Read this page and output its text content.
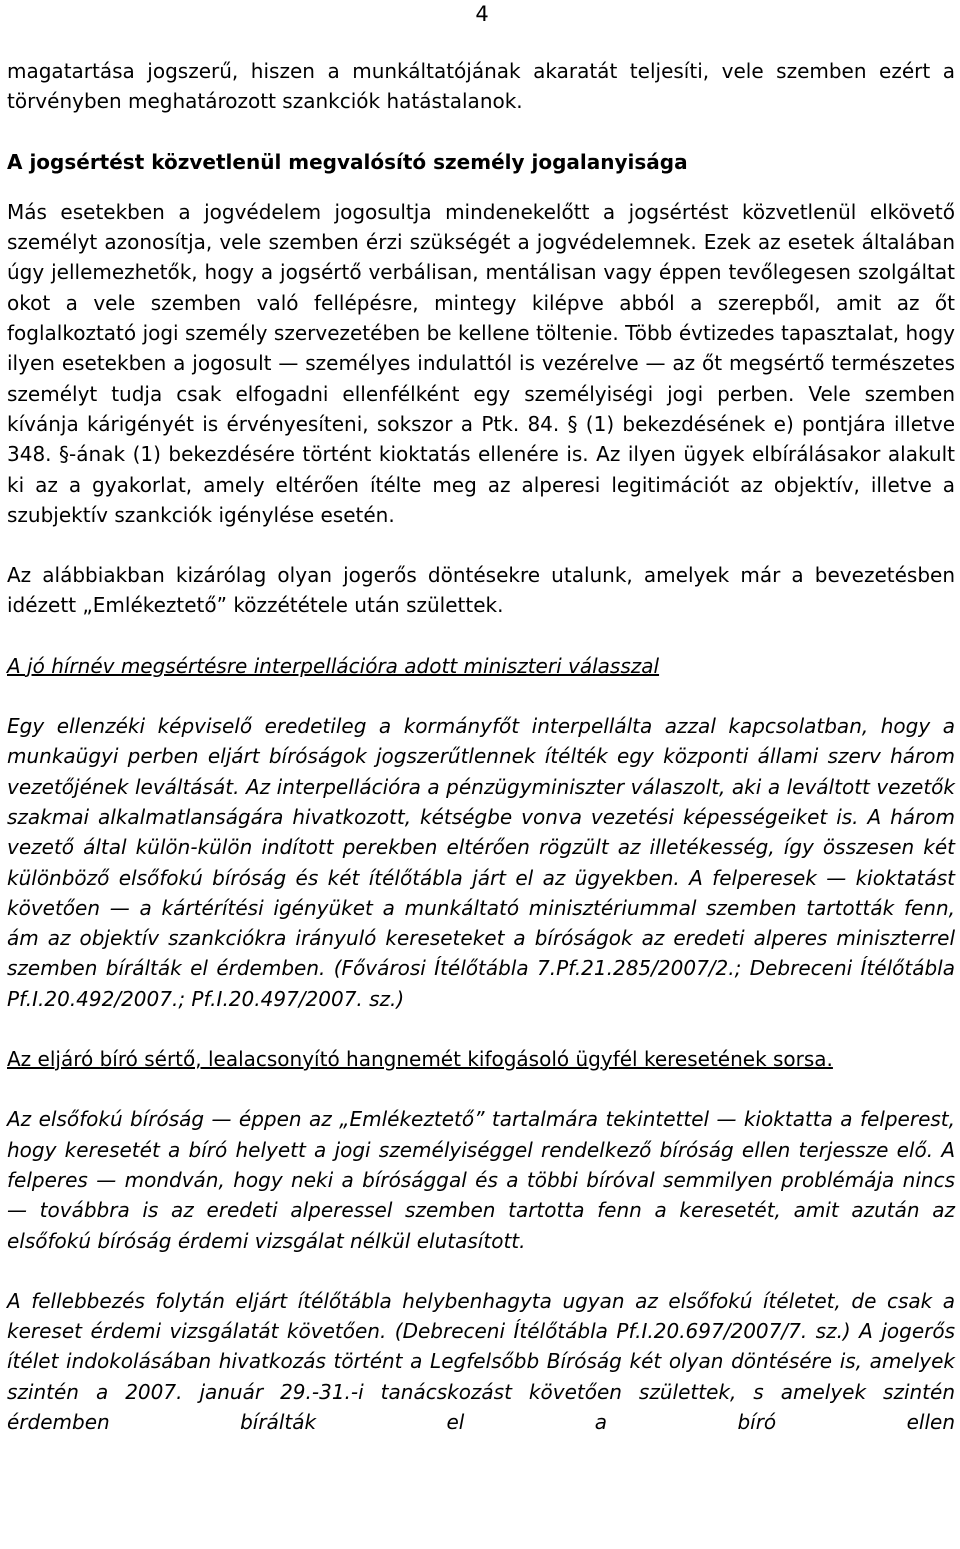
4

magatartása jogszerű, hiszen a munkáltatójának akaratát teljesíti, vele szemben ezért a törvényben meghatározott szankciók hatástalanok.

A jogsértést közvetlenül megvalósító személy jogalanyisága

Más esetekben a jogvédelem jogosultja mindenekelőtt a jogsértést közvetlenül elkövető személyt azonosítja, vele szemben érzi szükségét a jogvédelemnek. Ezek az esetek általában úgy jellemezhetők, hogy a jogsértő verbálisan, mentálisan vagy éppen tevőlegesen szolgáltat okot a vele szemben való fellépésre, mintegy kilépve abból a szerepből, amit az őt foglalkoztató jogi személy szervezetében be kellene töltenie. Több évtizedes tapasztalat, hogy ilyen esetekben a jogosult — személyes indulattól is vezérelve — az őt megsértő természetes személyt tudja csak elfogadni ellenfélként egy személyiségi jogi perben. Vele szemben kívánja kárigényét is érvényesíteni, sokszor a Ptk. 84. § (1) bekezdésének e) pontjára illetve 348. §-ának (1) bekezdésére történt kioktatás ellenére is. Az ilyen ügyek elbírálásakor alakult ki az a gyakorlat, amely eltérően ítélte meg az alperesi legitimációt az objektív, illetve a szubjektív szankciók igénylése esetén.

Az alábbiakban kizárólag olyan jogerős döntésekre utalunk, amelyek már a bevezetésben idézett „Emlékeztető” közzététele után születtek.

A jó hírnév megsértésre interpellációra adott miniszteri válasszal

Egy ellenzéki képviselő eredetileg a kormányfőt interpellálta azzal kapcsolatban, hogy a munkaügyi perben eljárt bíróságok jogszerűtlennek ítélték egy központi állami szerv három vezetőjének leváltását. Az interpellációra a pénzügyminiszter válaszolt, aki a leváltott vezetők szakmai alkalmatlanságára hivatkozott, kétségbe vonva vezetési képességeiket is. A három vezető által külön-külön indított perekben eltérően rögzült az illetékesség, így összesen két különböző elsőfokú bíróság és két ítélőtábla járt el az ügyekben. A felperesek — kioktatást követően — a kártérítési igényüket a munkáltató minisztériummal szemben tartották fenn, ám az objektív szankciókra irányuló kereseteket a bíróságok az eredeti alperes miniszterrel szemben bírálták el érdemben. (Fővárosi Ítélőtábla 7.Pf.21.285/2007/2.; Debreceni Ítélőtábla Pf.I.20.492/2007.; Pf.I.20.497/2007. sz.)

Az eljáró bíró sértő, lealacsonyító hangnemét kifogásoló ügyfél keresetének sorsa.

Az elsőfokú bíróság — éppen az „Emlékeztető” tartalmára tekintettel — kioktatta a felperest, hogy keresetét a bíró helyett a jogi személyiséggel rendelkező bíróság ellen terjessze elő. A felperes — mondván, hogy neki a bírósággal és a többi bíróval semmilyen problémája nincs — továbbra is az eredeti alperessel szemben tartotta fenn a keresetét, amit azután az elsőfokú bíróság érdemi vizsgálat nélkül elutasított.

A fellebbezés folytán eljárt ítélőtábla helybenhagyta ugyan az elsőfokú ítéletet, de csak a kereset érdemi vizsgálatát követően. (Debreceni Ítélőtábla Pf.I.20.697/2007/7. sz.) A jogerős ítélet indokolásában hivatkozás történt a Legfelsőbb Bíróság két olyan döntésére is, amelyek szintén a 2007. január 29.-31.-i tanácskozást követően születtek, s amelyek szintén érdemben bírálták el a bíró ellen
